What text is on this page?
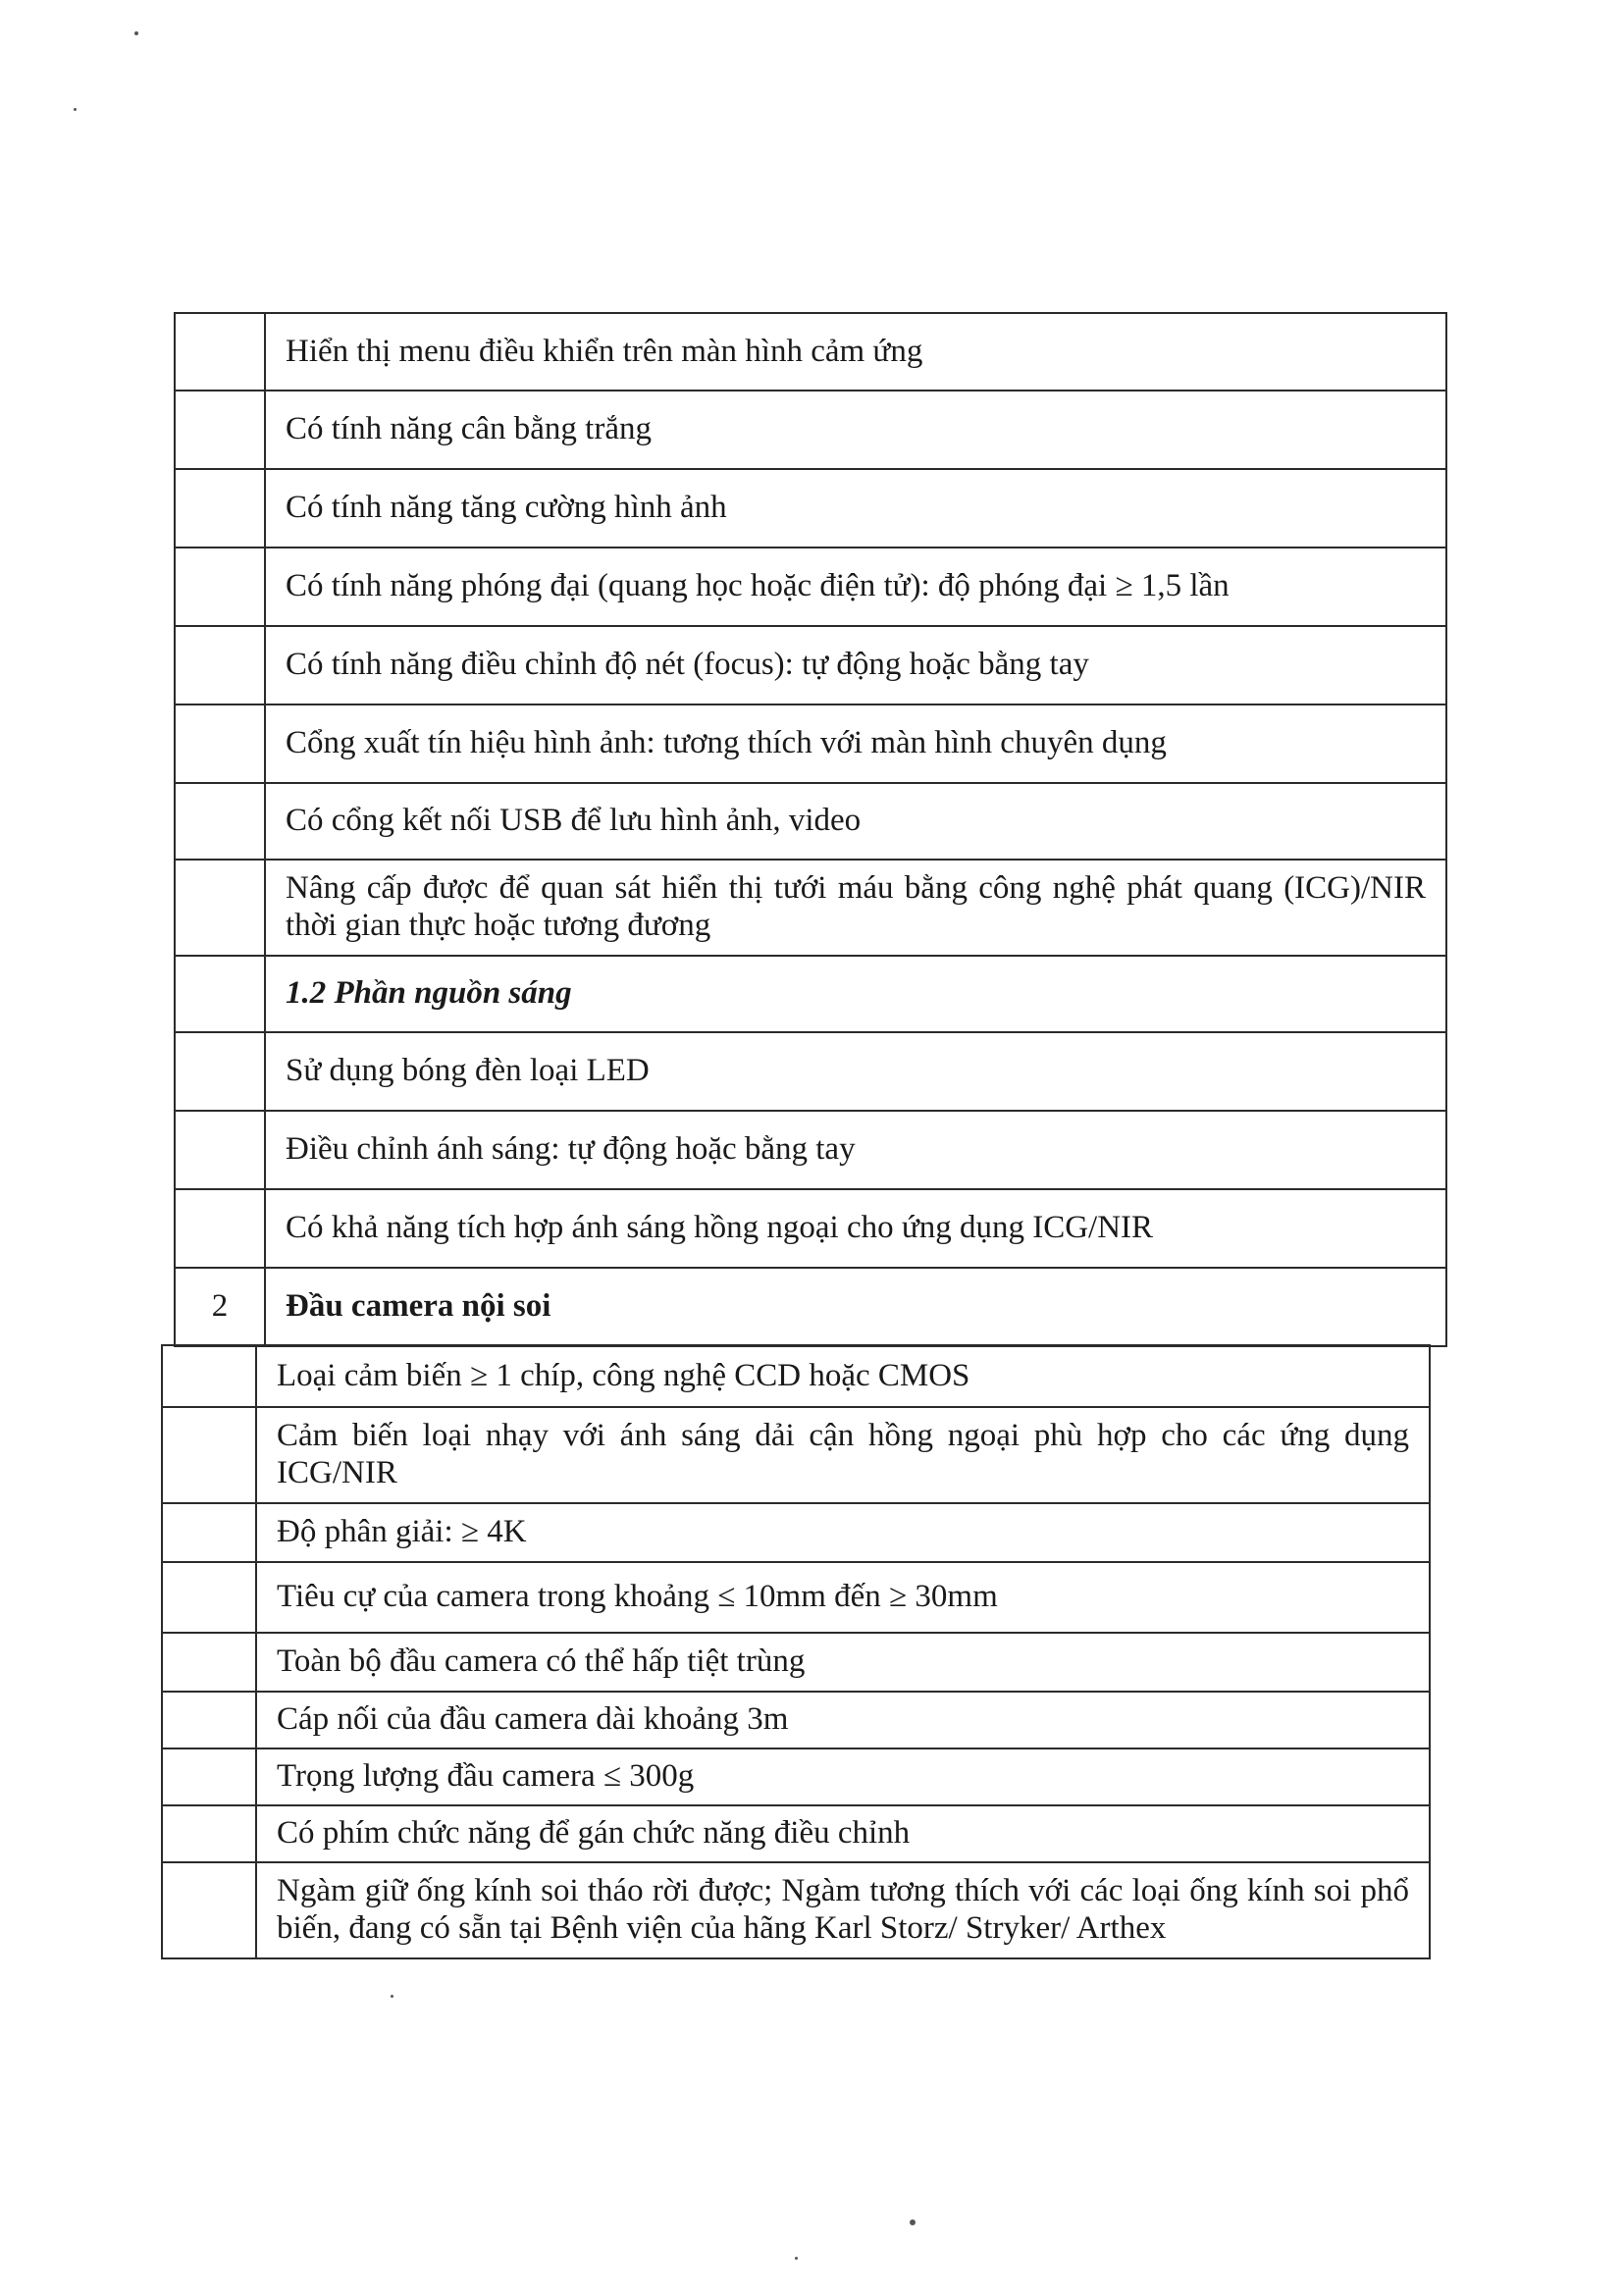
	Hiển thị menu điều khiển trên màn hình cảm ứng
	Có tính năng cân bằng trắng
	Có tính năng tăng cường hình ảnh
	Có tính năng phóng đại (quang học hoặc điện tử): độ phóng đại ≥ 1,5 lần
	Có tính năng điều chỉnh độ nét (focus): tự động hoặc bằng tay
	Cổng xuất tín hiệu hình ảnh: tương thích với màn hình chuyên dụng
	Có cổng kết nối USB để lưu hình ảnh, video
	Nâng cấp được để quan sát hiển thị tưới máu bằng công nghệ phát quang (ICG)/NIR thời gian thực hoặc tương đương
	1.2 Phần nguồn sáng
	Sử dụng bóng đèn loại LED
	Điều chỉnh ánh sáng: tự động hoặc bằng tay
	Có khả năng tích hợp ánh sáng hồng ngoại cho ứng dụng ICG/NIR
2	Đầu camera nội soi
	Loại cảm biến ≥ 1 chíp, công nghệ CCD hoặc CMOS
	Cảm biến loại nhạy với ánh sáng dải cận hồng ngoại phù hợp cho các ứng dụng ICG/NIR
	Độ phân giải: ≥ 4K
	Tiêu cự của camera trong khoảng ≤ 10mm đến ≥ 30mm
	Toàn bộ đầu camera có thể hấp tiệt trùng
	Cáp nối của đầu camera dài khoảng 3m
	Trọng lượng đầu camera ≤ 300g
	Có phím chức năng để gán chức năng điều chỉnh
	Ngàm giữ ống kính soi tháo rời được; Ngàm tương thích với các loại ống kính soi phổ biến, đang có sẵn tại Bệnh viện của hãng Karl Storz/ Stryker/ Arthex
